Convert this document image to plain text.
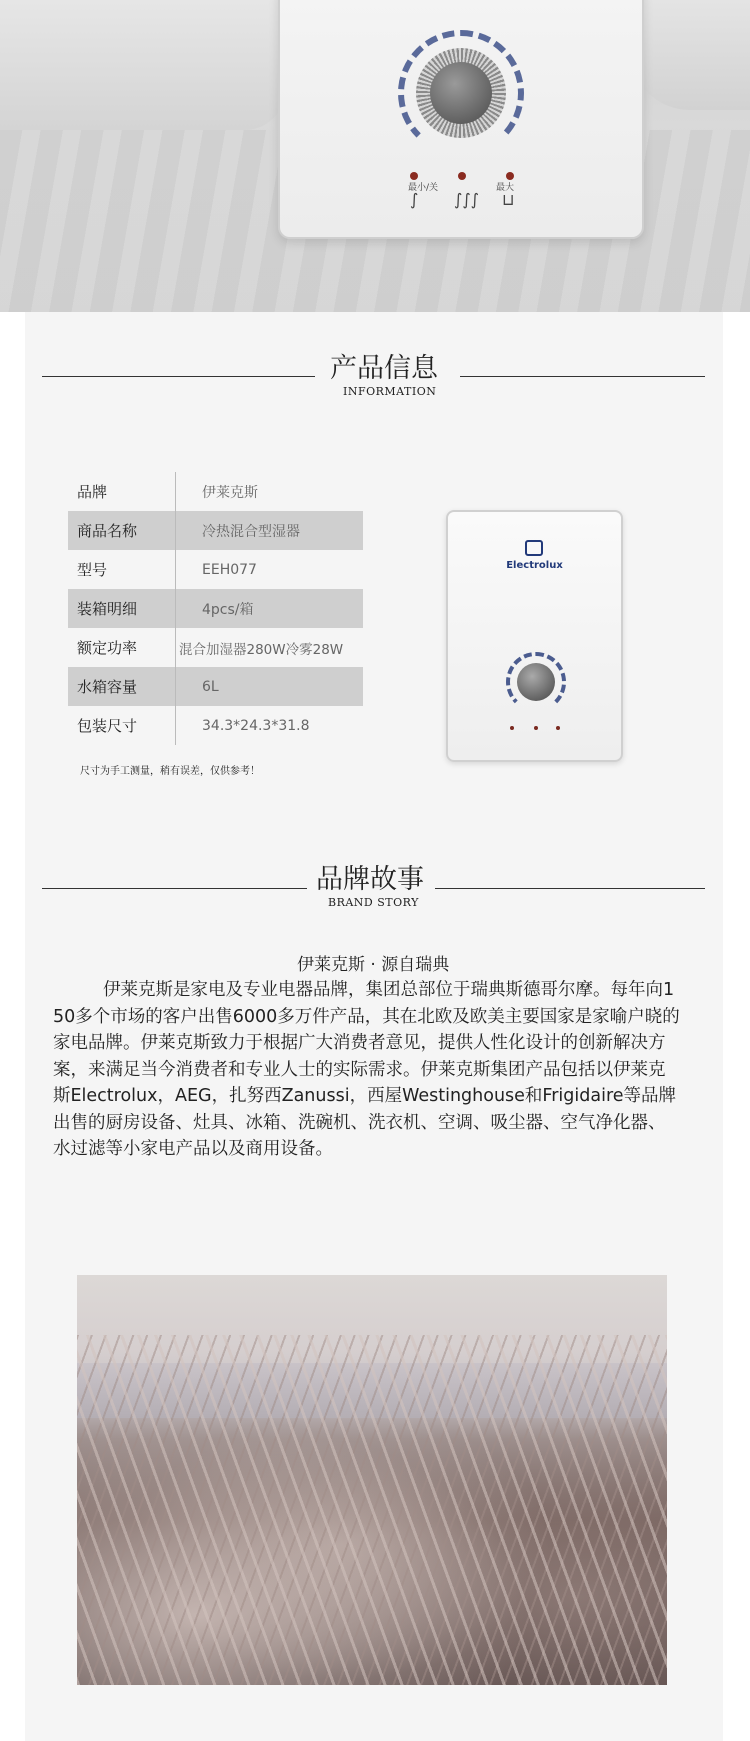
最小/关	最大
∫ ∫∫∫ ⊔
产品信息
INFORMATION
品牌	伊莱克斯
商品名称	冷热混合型湿器
型号	EEH077
装箱明细	4pcs/箱
额定功率	混合加湿器280W冷雾28W
水箱容量	6L
包装尺寸	34.3*24.3*31.8
尺寸为手工测量，稍有误差，仅供参考！
Electrolux
品牌故事
BRAND STORY
伊莱克斯 · 源自瑞典
伊莱克斯是家电及专业电器品牌，集团总部位于瑞典斯德哥尔摩。每年向150多个市场的客户出售6000多万件产品，其在北欧及欧美主要国家是家喻户晓的家电品牌。伊莱克斯致力于根据广大消费者意见，提供人性化设计的创新解决方案，来满足当今消费者和专业人士的实际需求。伊莱克斯集团产品包括以伊莱克斯Electrolux，AEG，扎努西Zanussi，西屋Westinghouse和Frigidaire等品牌出售的厨房设备、灶具、冰箱、洗碗机、洗衣机、空调、吸尘器、空气净化器、水过滤等小家电产品以及商用设备。
